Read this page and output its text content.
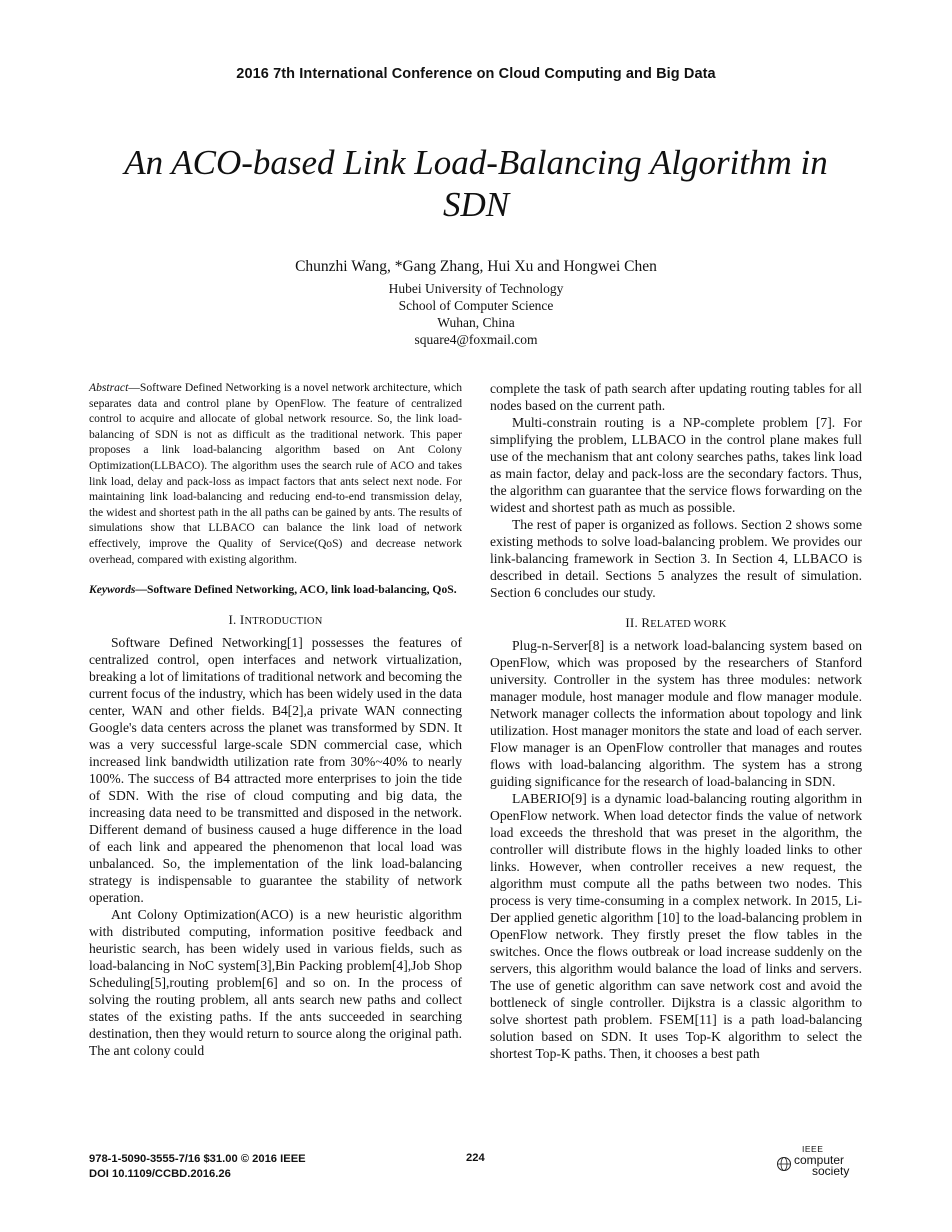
2016 7th International Conference on Cloud Computing and Big Data
An ACO-based Link Load-Balancing Algorithm in
SDN
Chunzhi Wang, *Gang Zhang, Hui Xu and Hongwei Chen
Hubei University of Technology
School of Computer Science
Wuhan, China
square4@foxmail.com

Abstract—Software Defined Networking is a novel network architecture, which separates data and control plane by OpenFlow. The feature of centralized control to acquire and allocate of global network resource. So, the link load-balancing of SDN is not as difficult as the traditional network. This paper proposes a link load-balancing algorithm based on Ant Colony Optimization(LLBACO). The algorithm uses the search rule of ACO and takes link load, delay and pack-loss as impact factors that ants select next node. For maintaining link load-balancing and reducing end-to-end transmission delay, the widest and shortest path in the all paths can be gained by ants. The results of simulations show that LLBACO can balance the link load of network effectively, improve the Quality of Service(QoS) and decrease network overhead, compared with existing algorithm.

Keywords—Software Defined Networking, ACO, link load-balancing, QoS.

I. INTRODUCTION

Software Defined Networking[1] possesses the features of centralized control, open interfaces and network virtualization, breaking a lot of limitations of traditional network and becoming the current focus of the industry, which has been widely used in the data center, WAN and other fields. B4[2],a private WAN connecting Google's data centers across the planet was transformed by SDN. It was a very successful large-scale SDN commercial case, which increased link bandwidth utilization rate from 30%~40% to nearly 100%. The success of B4 attracted more enterprises to join the tide of SDN. With the rise of cloud computing and big data, the increasing data need to be transmitted and disposed in the network. Different demand of business caused a huge difference in the load of each link and appeared the phenomenon that local load was unbalanced. So, the implementation of the link load-balancing strategy is indispensable to guarantee the stability of network operation.

Ant Colony Optimization(ACO) is a new heuristic algorithm with distributed computing, information positive feedback and heuristic search, has been widely used in various fields, such as load-balancing in NoC system[3],Bin Packing problem[4],Job Shop Scheduling[5],routing problem[6] and so on. In the process of solving the routing problem, all ants search new paths and collect states of the existing paths. If the ants succeeded in searching destination, then they would return to source along the original path. The ant colony could

complete the task of path search after updating routing tables for all nodes based on the current path.

Multi-constrain routing is a NP-complete problem [7]. For simplifying the problem, LLBACO in the control plane makes full use of the mechanism that ant colony searches paths, takes link load as main factor, delay and pack-loss are the secondary factors. Thus, the algorithm can guarantee that the service flows forwarding on the widest and shortest path as much as possible.

The rest of paper is organized as follows. Section 2 shows some existing methods to solve load-balancing problem. We provides our link-balancing framework in Section 3. In Section 4, LLBACO is described in detail. Sections 5 analyzes the result of simulation. Section 6 concludes our study.

II. RELATED WORK

Plug-n-Server[8] is a network load-balancing system based on OpenFlow, which was proposed by the researchers of Stanford university. Controller in the system has three modules: network manager module, host manager module and flow manager module. Network manager collects the information about topology and link utilization. Host manager monitors the state and load of each server. Flow manager is an OpenFlow controller that manages and routes flows with load-balancing algorithm. The system has a strong guiding significance for the research of load-balancing in SDN.

LABERIO[9] is a dynamic load-balancing routing algorithm in OpenFlow network. When load detector finds the value of network load exceeds the threshold that was preset in the algorithm, the controller will distribute flows in the highly loaded links to other links. However, when controller receives a new request, the algorithm must compute all the paths between two nodes. This process is very time-consuming in a complex network. In 2015, Li-Der applied genetic algorithm [10] to the load-balancing problem in OpenFlow network. They firstly preset the flow tables in the switches. Once the flows outbreak or load increase suddenly on the servers, this algorithm would balance the load of links and servers. The use of genetic algorithm can save network cost and avoid the bottleneck of single controller. Dijkstra is a classic algorithm to solve shortest path problem. FSEM[11] is a path load-balancing solution based on SDN. It uses Top-K algorithm to select the shortest Top-K paths. Then, it chooses a best path

978-1-5090-3555-7/16 $31.00 © 2016 IEEE
DOI 10.1109/CCBD.2016.26
224
IEEE
computer
society
